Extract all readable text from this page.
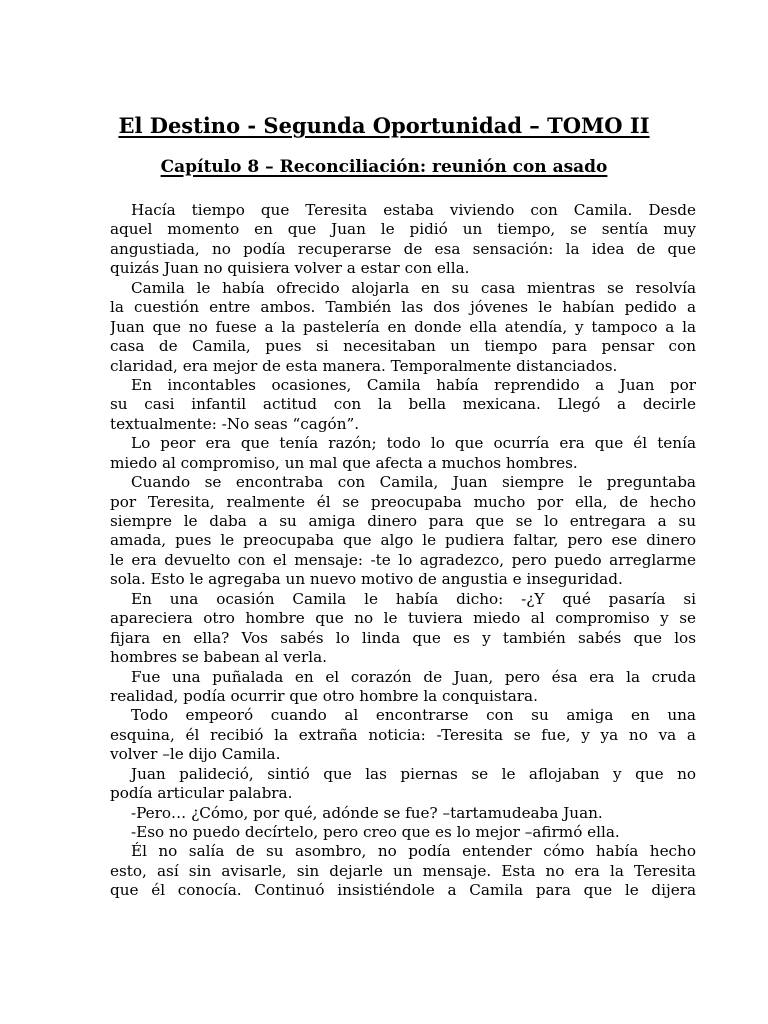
El Destino - Segunda Oportunidad – TOMO II
Capítulo 8 – Reconciliación: reunión con asado
Hacía tiempo que Teresita estaba viviendo con Camila. Desde
aquel momento en que Juan le pidió un tiempo, se sentía muy
angustiada, no podía recuperarse de esa sensación: la idea de que
quizás Juan no quisiera volver a estar con ella.
Camila le había ofrecido alojarla en su casa mientras se resolvía
la cuestión entre ambos. También las dos jóvenes le habían pedido a
Juan que no fuese a la pastelería en donde ella atendía, y tampoco a la
casa de Camila, pues si necesitaban un tiempo para pensar con
claridad, era mejor de esta manera. Temporalmente distanciados.
En incontables ocasiones, Camila había reprendido a Juan por
su casi infantil actitud con la bella mexicana. Llegó a decirle
textualmente: -No seas “cagón”.
Lo peor era que tenía razón; todo lo que ocurría era que él tenía
miedo al compromiso, un mal que afecta a muchos hombres.
Cuando se encontraba con Camila, Juan siempre le preguntaba
por Teresita, realmente él se preocupaba mucho por ella, de hecho
siempre le daba a su amiga dinero para que se lo entregara a su
amada, pues le preocupaba que algo le pudiera faltar, pero ese dinero
le era devuelto con el mensaje: -te lo agradezco, pero puedo arreglarme
sola. Esto le agregaba un nuevo motivo de angustia e inseguridad.
En una ocasión Camila le había dicho: -¿Y qué pasaría si
apareciera otro hombre que no le tuviera miedo al compromiso y se
fijara en ella? Vos sabés lo linda que es y también sabés que los
hombres se babean al verla.
Fue una puñalada en el corazón de Juan, pero ésa era la cruda
realidad, podía ocurrir que otro hombre la conquistara.
Todo empeoró cuando al encontrarse con su amiga en una
esquina, él recibió la extraña noticia: -Teresita se fue, y ya no va a
volver –le dijo Camila.
Juan palideció, sintió que las piernas se le aflojaban y que no
podía articular palabra.
-Pero… ¿Cómo, por qué, adónde se fue? –tartamudeaba Juan.
-Eso no puedo decírtelo, pero creo que es lo mejor –afirmó ella.
Él no salía de su asombro, no podía entender cómo había hecho
esto, así sin avisarle, sin dejarle un mensaje. Esta no era la Teresita
que él conocía. Continuó insistiéndole a Camila para que le dijera
